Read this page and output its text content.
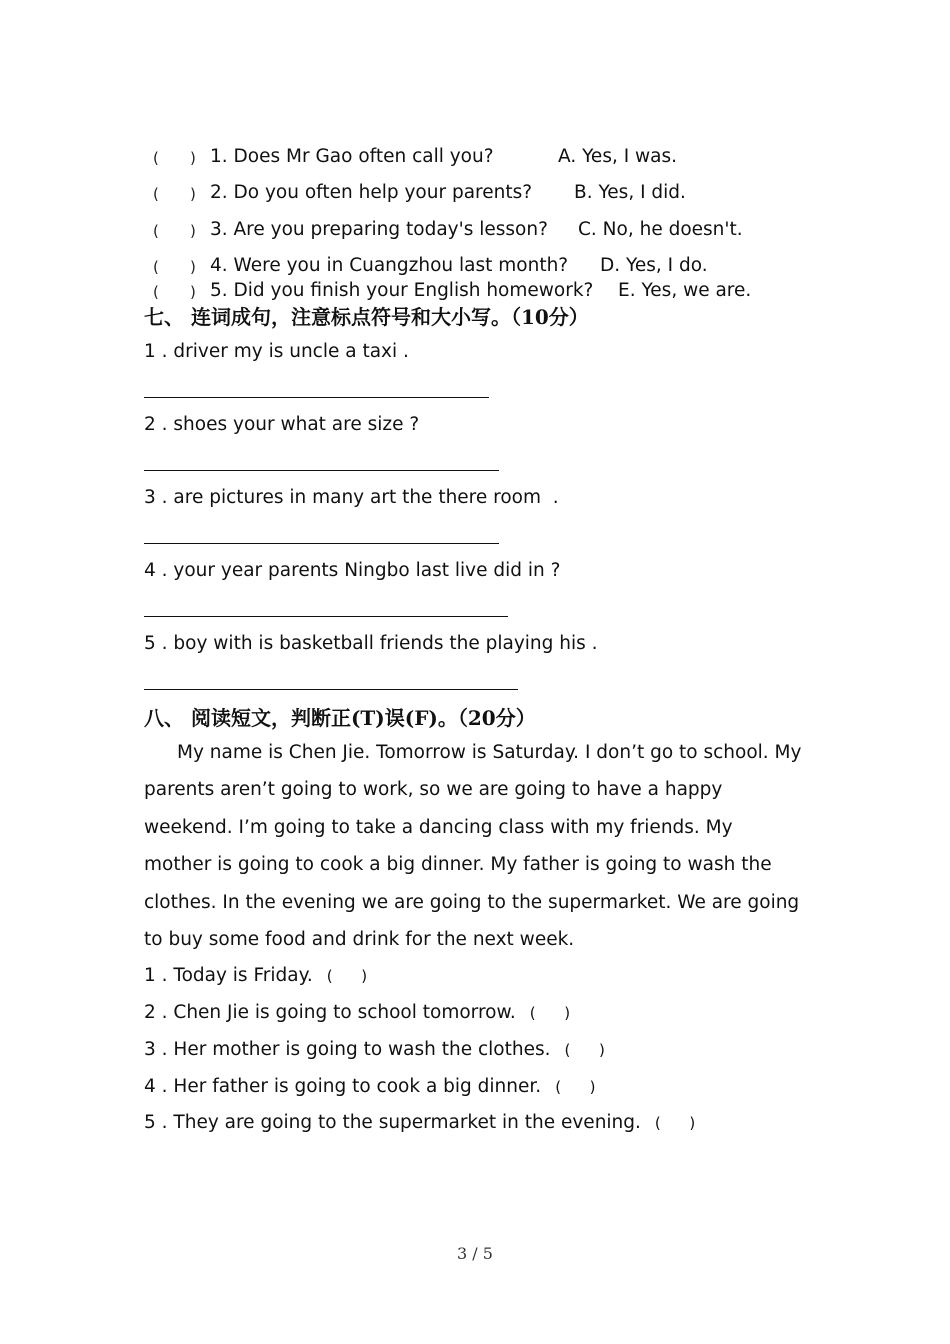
( ) 1. Does Mr Gao often call you?	A. Yes, I was.
( ) 2. Do you often help your parents? B. Yes, I did.
( ) 3. Are you preparing today's lesson? C. No, he doesn't.
( ) 4. Were you in Cuangzhou last month? D. Yes, I do.
( ) 5. Did you finish your English homework? E. Yes, we are.
七、 连词成句，注意标点符号和大小写。（10分）
1 . driver my is uncle a taxi .
2 . shoes your what are size ?
3 . are pictures in many art the there room  .
4 . your year parents Ningbo last live did in ?
5 . boy with is basketball friends the playing his .
八、 阅读短文，判断正(T)误(F)。（20分）
My name is Chen Jie. Tomorrow is Saturday. I don’t go to school. My parents aren’t going to work, so we are going to have a happy weekend. I’m going to take a dancing class with my friends. My mother is going to cook a big dinner. My father is going to wash the clothes. In the evening we are going to the supermarket. We are going to buy some food and drink for the next week.
1 . Today is Friday. (      )
2 . Chen Jie is going to school tomorrow. (      )
3 . Her mother is going to wash the clothes. (      )
4 . Her father is going to cook a big dinner. (      )
5 . They are going to the supermarket in the evening. (      )
3 / 5
